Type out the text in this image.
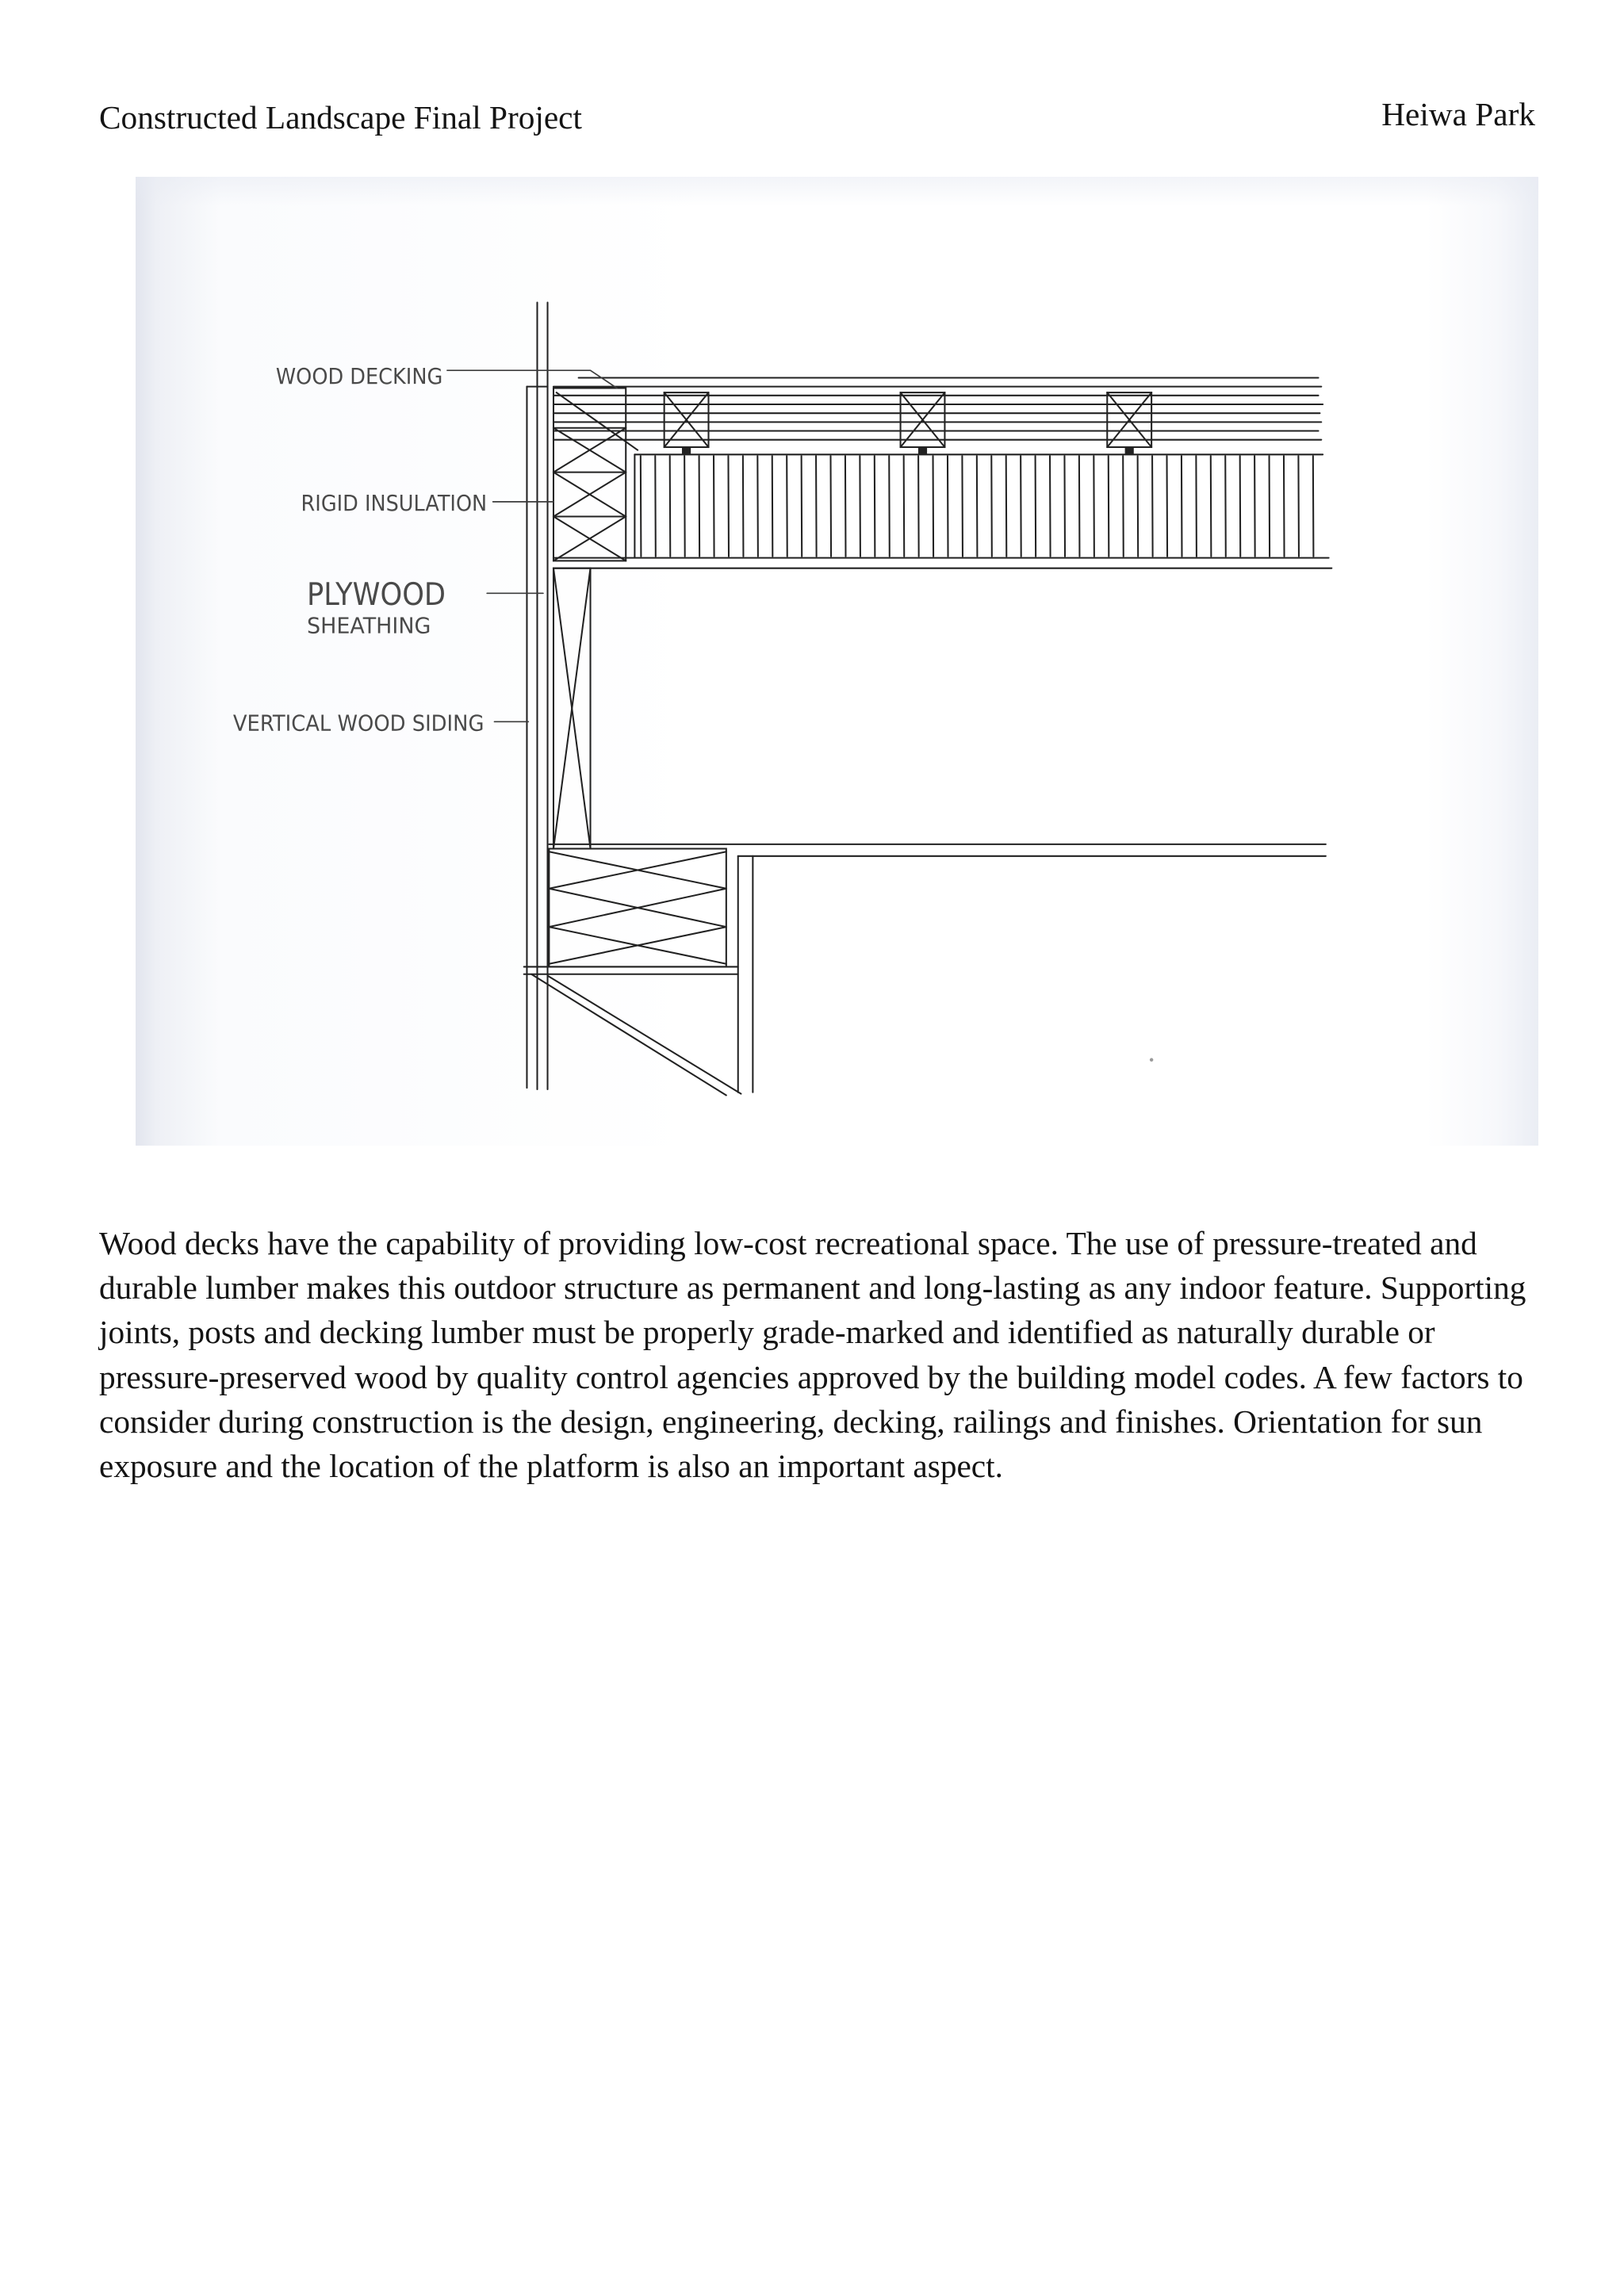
Constructed Landscape Final Project	Heiwa Park
WOOD DECKING
RIGID INSULATION
PLYWOOD
SHEATHING
VERTICAL WOOD SIDING
Wood decks have the capability of providing low-cost recreational space. The use of pressure-treated and
durable lumber makes this outdoor structure as permanent and long-lasting as any indoor feature. Supporting
joints, posts and decking lumber must be properly grade-marked and identified as naturally durable or
pressure-preserved wood by quality control agencies approved by the building model codes. A few factors to
consider during construction is the design, engineering, decking, railings and finishes. Orientation for sun
exposure and the location of the platform is also an important aspect.
